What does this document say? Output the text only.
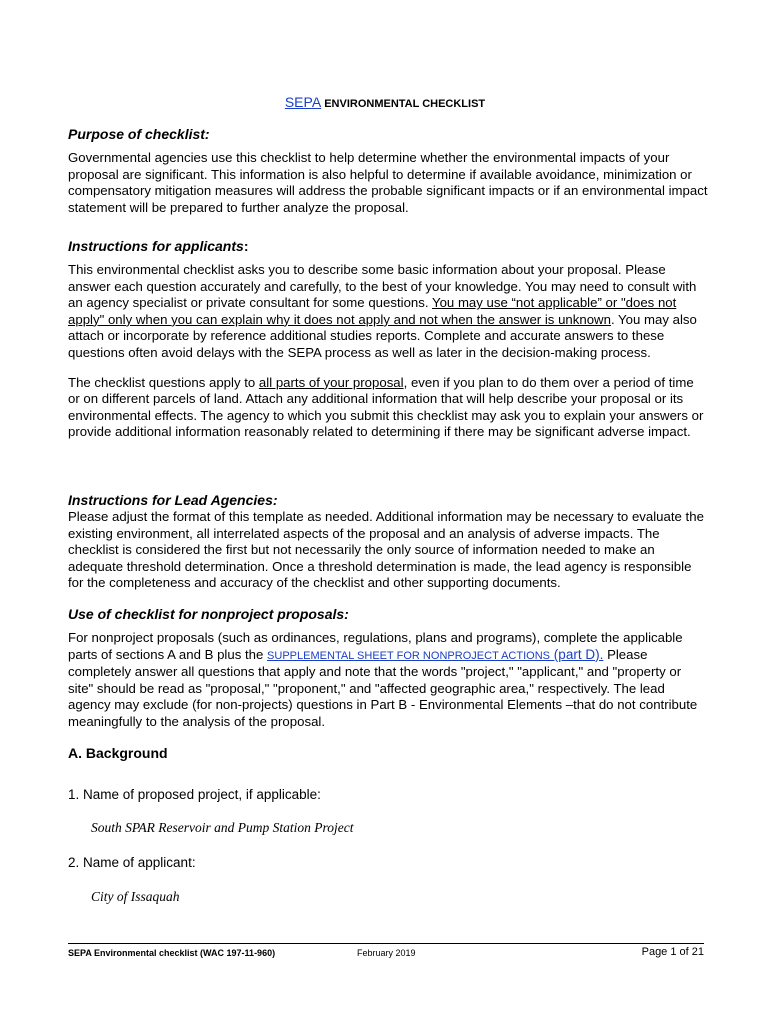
SEPA ENVIRONMENTAL CHECKLIST

Purpose of checklist:

Governmental agencies use this checklist to help determine whether the environmental impacts of your proposal are significant. This information is also helpful to determine if available avoidance, minimization or compensatory mitigation measures will address the probable significant impacts or if an environmental impact statement will be prepared to further analyze the proposal.

Instructions for applicants:

This environmental checklist asks you to describe some basic information about your proposal. Please answer each question accurately and carefully, to the best of your knowledge. You may need to consult with an agency specialist or private consultant for some questions. You may use “not applicable” or "does not apply" only when you can explain why it does not apply and not when the answer is unknown. You may also attach or incorporate by reference additional studies reports. Complete and accurate answers to these questions often avoid delays with the SEPA process as well as later in the decision-making process.

The checklist questions apply to all parts of your proposal, even if you plan to do them over a period of time or on different parcels of land. Attach any additional information that will help describe your proposal or its environmental effects. The agency to which you submit this checklist may ask you to explain your answers or provide additional information reasonably related to determining if there may be significant adverse impact.

Instructions for Lead Agencies:

Please adjust the format of this template as needed. Additional information may be necessary to evaluate the existing environment, all interrelated aspects of the proposal and an analysis of adverse impacts. The checklist is considered the first but not necessarily the only source of information needed to make an adequate threshold determination. Once a threshold determination is made, the lead agency is responsible for the completeness and accuracy of the checklist and other supporting documents.

Use of checklist for nonproject proposals:

For nonproject proposals (such as ordinances, regulations, plans and programs), complete the applicable parts of sections A and B plus the SUPPLEMENTAL SHEET FOR NONPROJECT ACTIONS (part D). Please completely answer all questions that apply and note that the words "project," "applicant," and "property or site" should be read as "proposal," "proponent," and "affected geographic area," respectively. The lead agency may exclude (for non-projects) questions in Part B - Environmental Elements –that do not contribute meaningfully to the analysis of the proposal.

A. Background

1. Name of proposed project, if applicable:

South SPAR Reservoir and Pump Station Project

2. Name of applicant:

City of Issaquah

SEPA Environmental checklist (WAC 197-11-960)	February 2019	Page 1 of 21
